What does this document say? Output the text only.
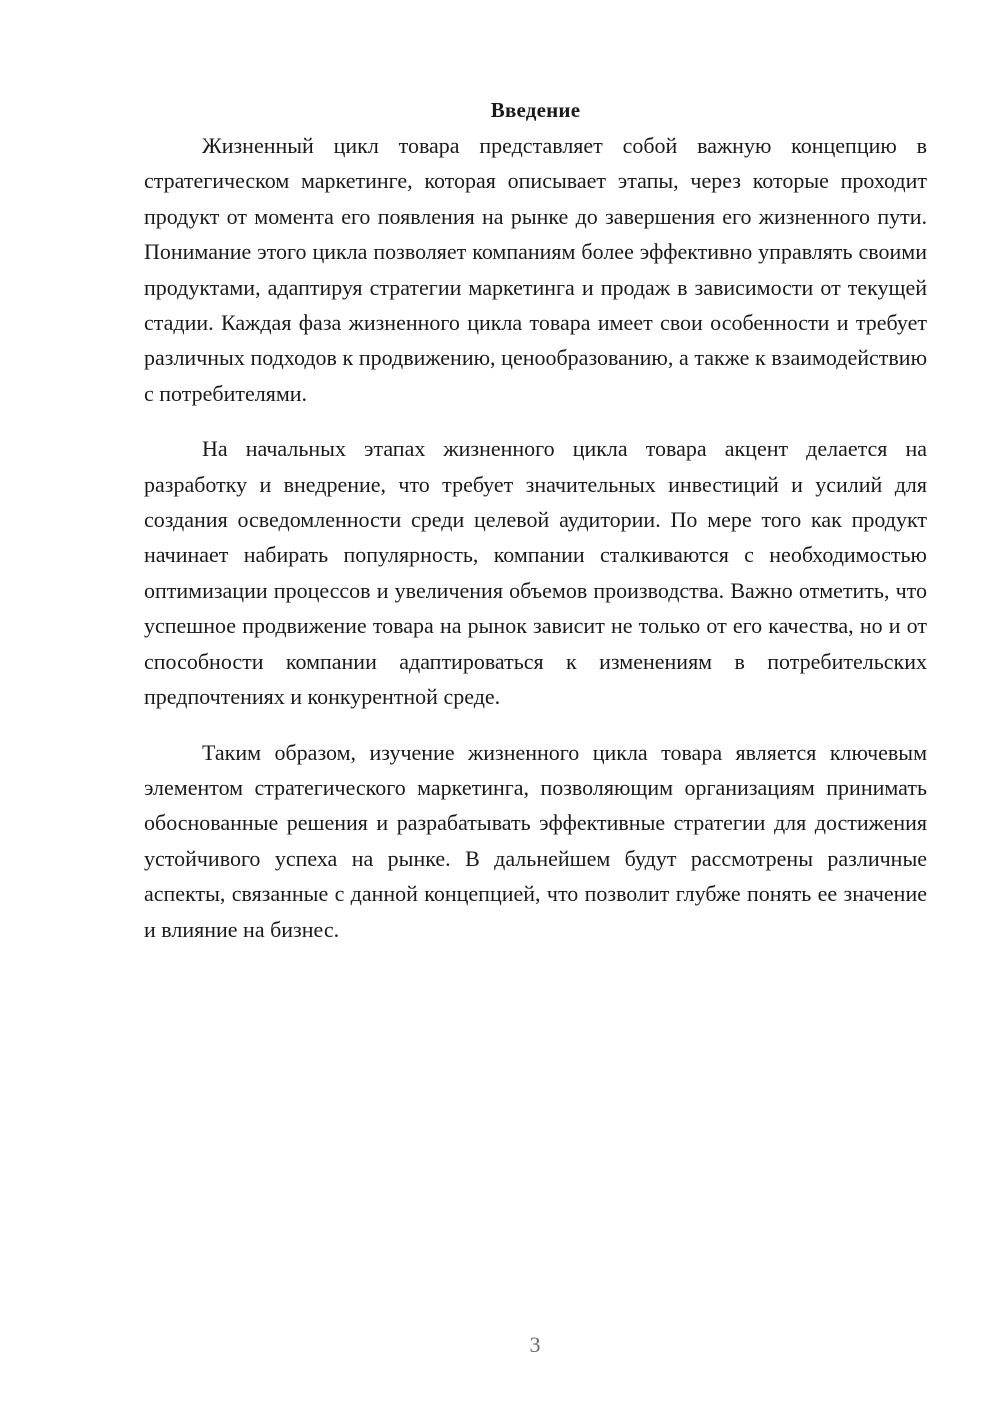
Введение

Жизненный цикл товара представляет собой важную концепцию в стратегическом маркетинге, которая описывает этапы, через которые проходит продукт от момента его появления на рынке до завершения его жизненного пути. Понимание этого цикла позволяет компаниям более эффективно управлять своими продуктами, адаптируя стратегии маркетинга и продаж в зависимости от текущей стадии. Каждая фаза жизненного цикла товара имеет свои особенности и требует различных подходов к продвижению, ценообразованию, а также к взаимодействию с потребителями.

На начальных этапах жизненного цикла товара акцент делается на разработку и внедрение, что требует значительных инвестиций и усилий для создания осведомленности среди целевой аудитории. По мере того как продукт начинает набирать популярность, компании сталкиваются с необходимостью оптимизации процессов и увеличения объемов производства. Важно отметить, что успешное продвижение товара на рынок зависит не только от его качества, но и от способности компании адаптироваться к изменениям в потребительских предпочтениях и конкурентной среде.

Таким образом, изучение жизненного цикла товара является ключевым элементом стратегического маркетинга, позволяющим организациям принимать обоснованные решения и разрабатывать эффективные стратегии для достижения устойчивого успеха на рынке. В дальнейшем будут рассмотрены различные аспекты, связанные с данной концепцией, что позволит глубже понять ее значение и влияние на бизнес.

3
